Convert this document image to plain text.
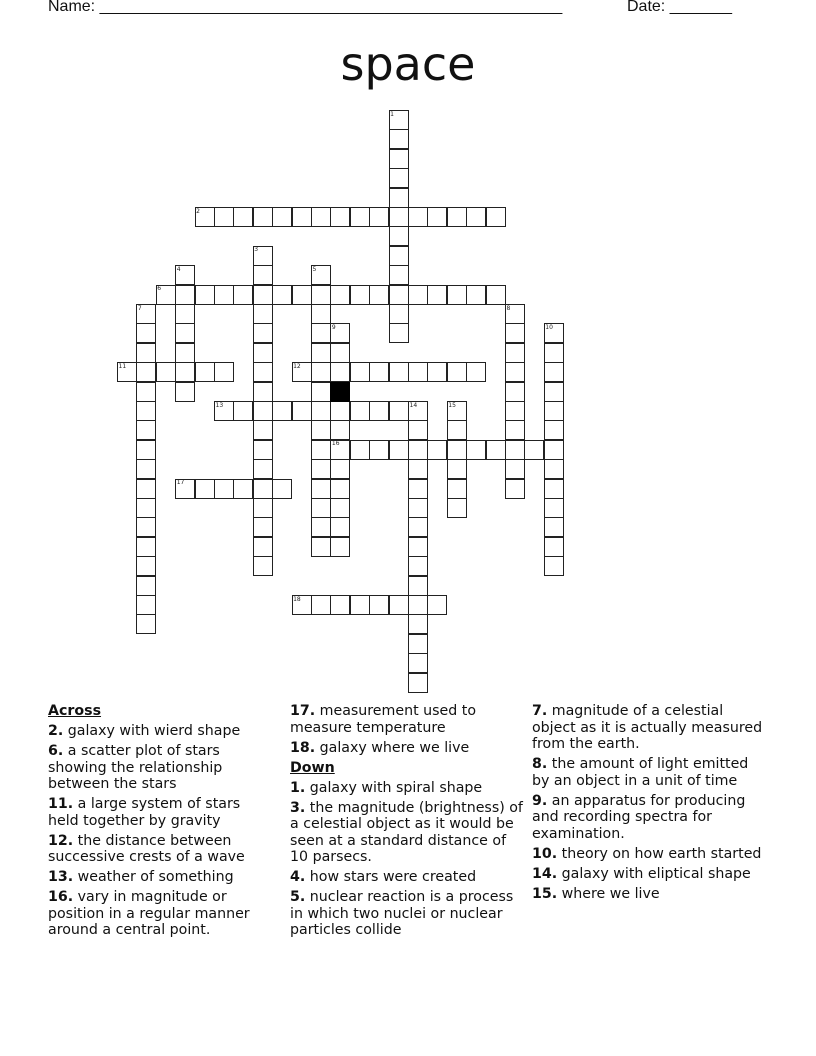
Name: ____________________________________________________	Date: _______
space
1
2
3
4	5
6
7	8
9	10
11	12
13	14	15
16
17
18
Across
2. galaxy with wierd shape
6. a scatter plot of stars showing the relationship between the stars
11. a large system of stars held together by gravity
12. the distance between successive crests of a wave
13. weather of something
16. vary in magnitude or position in a regular manner around a central point.
17. measurement used to measure temperature
18. galaxy where we live
Down
1. galaxy with spiral shape
3. the magnitude (brightness) of a celestial object as it would be seen at a standard distance of 10 parsecs.
4. how stars were created
5. nuclear reaction is a process in which two nuclei or nuclear particles collide
7. magnitude of a celestial object as it is actually measured from the earth.
8. the amount of light emitted by an object in a unit of time
9. an apparatus for producing and recording spectra for examination.
10. theory on how earth started
14. galaxy with eliptical shape
15. where we live
